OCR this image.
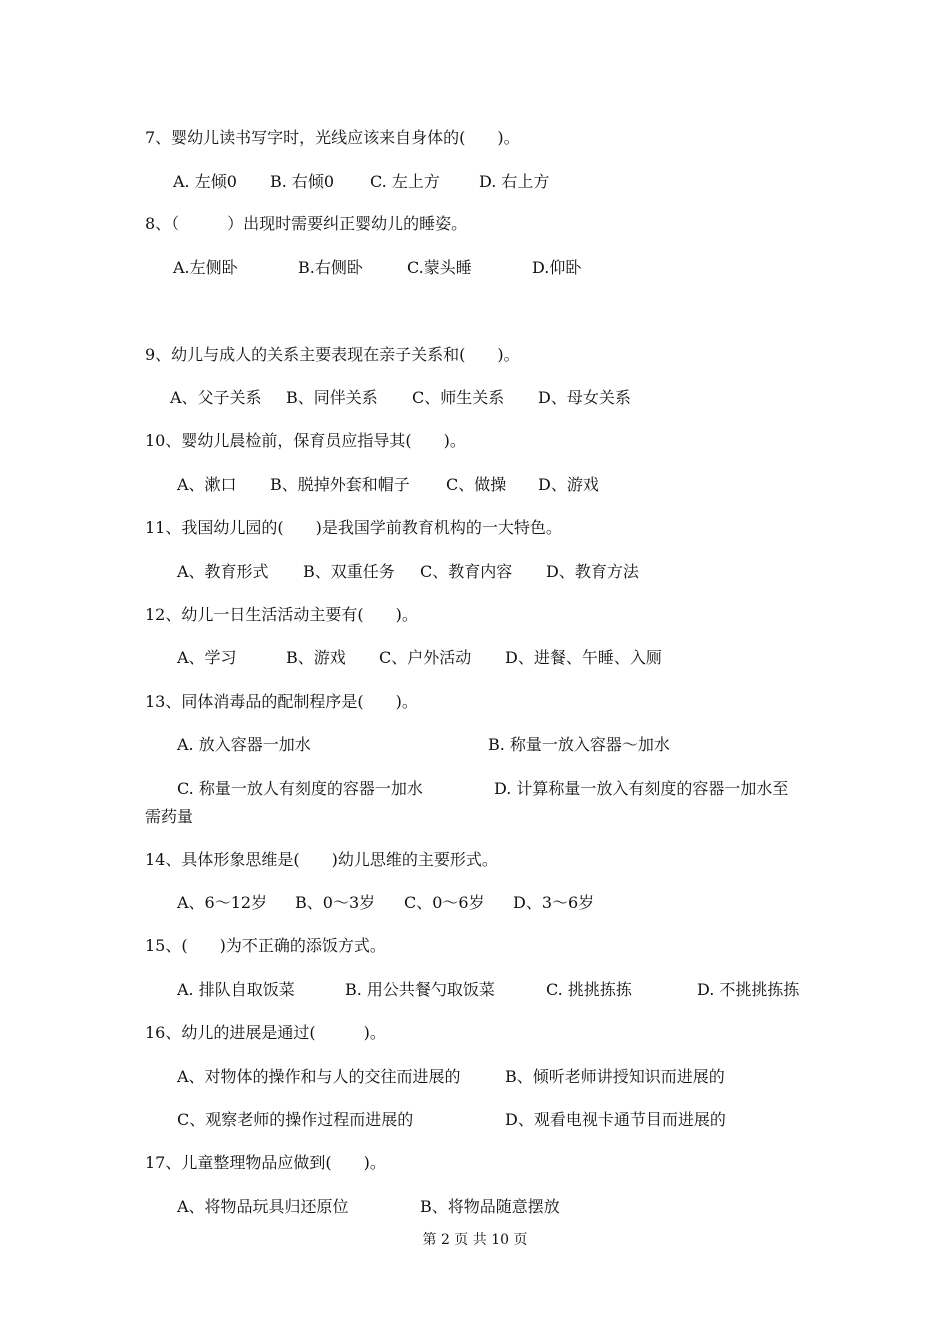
7、婴幼儿读书写字时，光线应该来自身体的(　　)。
A. 左倾0 B. 右倾0 C. 左上方 D. 右上方
8、（　　　）出现时需要纠正婴幼儿的睡姿。
A.左侧卧	B.右侧卧	C.蒙头睡	D.仰卧
9、幼儿与成人的关系主要表现在亲子关系和(　　)。
A、父子关系 B、同伴关系 C、师生关系 D、母女关系
10、婴幼儿晨检前，保育员应指导其(　　)。
A、漱口 B、脱掉外套和帽子 C、做操 D、游戏
11、我国幼儿园的(　　)是我国学前教育机构的一大特色。
A、教育形式 B、双重任务 C、教育内容 D、教育方法
12、幼儿一日生活活动主要有(　　)。
A、学习	B、游戏 C、户外活动 D、进餐、午睡、入厕
13、同体消毒品的配制程序是(　　)。
A. 放入容器一加水	B. 称量一放入容器～加水
C. 称量一放人有刻度的容器一加水	D. 计算称量一放入有刻度的容器一加水至
需药量
14、具体形象思维是(　　)幼儿思维的主要形式。
A、6～12岁 B、0～3岁 C、0～6岁 D、3～6岁
15、(　　)为不正确的添饭方式。
A. 排队自取饭菜	B. 用公共餐勺取饭菜	C. 挑挑拣拣	D. 不挑挑拣拣
16、幼儿的进展是通过(　　　)。
A、对物体的操作和与人的交往而进展的	B、倾听老师讲授知识而进展的
C、观察老师的操作过程而进展的	D、观看电视卡通节目而进展的
17、儿童整理物品应做到(　　)。
A、将物品玩具归还原位	B、将物品随意摆放
第 2 页 共 10 页
